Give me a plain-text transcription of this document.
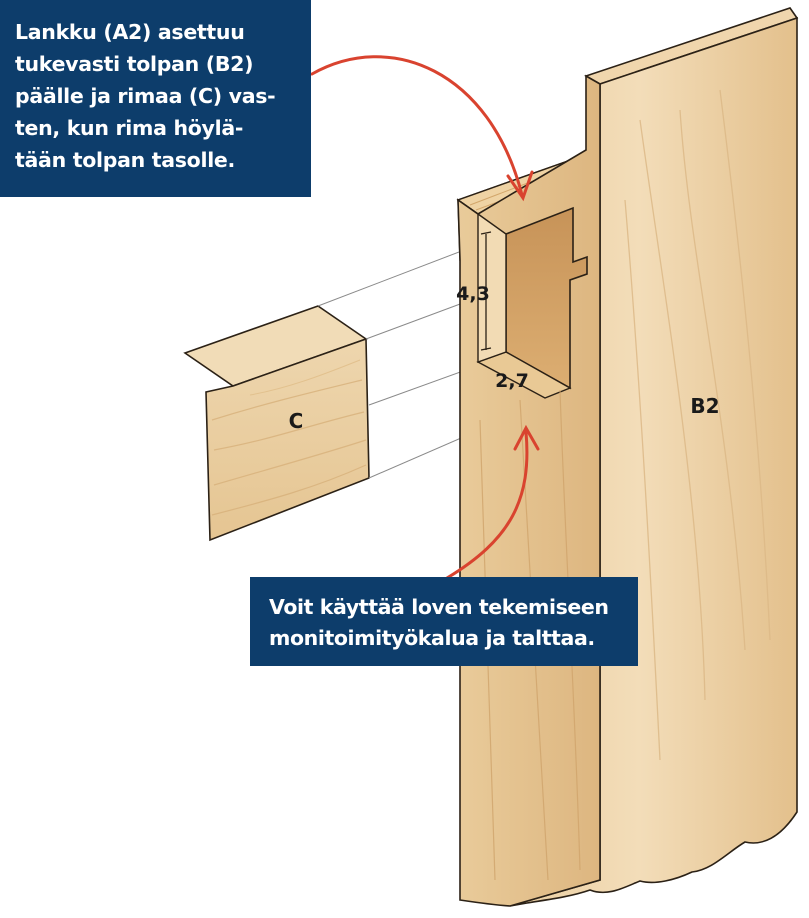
C
B2
4,3
2,7

Lankku (A2) asettuu

tukevasti tolpan (B2)

päälle ja rimaa (C) vas-

ten, kun rima höylä-

tään tolpan tasolle.

Voit käyttää loven tekemiseen

monitoimityökalua ja talttaa.
